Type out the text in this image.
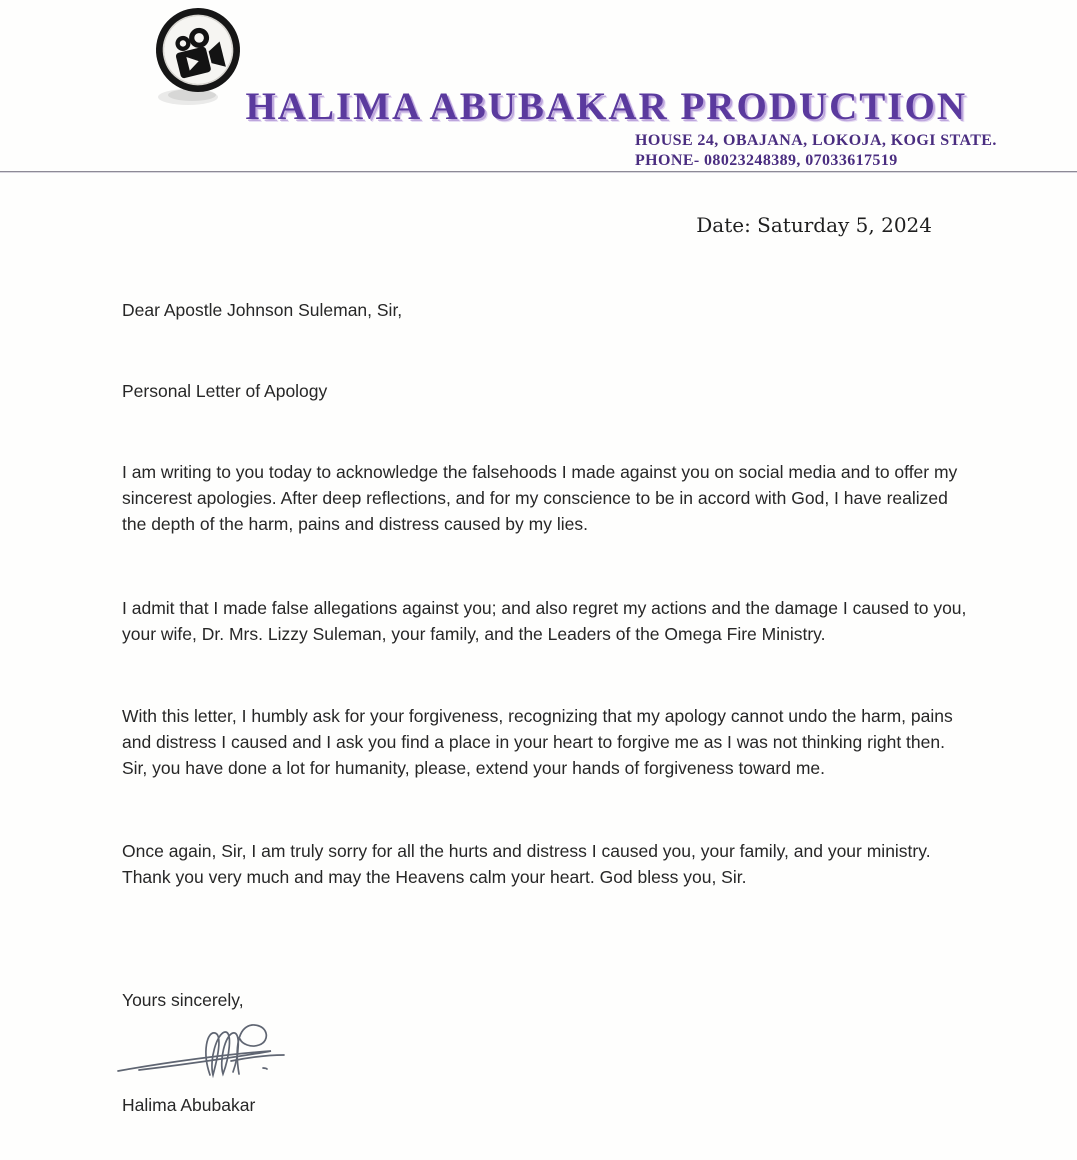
HALIMA ABUBAKAR PRODUCTION
HOUSE 24, OBAJANA, LOKOJA, KOGI STATE.
PHONE- 08023248389, 07033617519
Date: Saturday 5, 2024
Dear Apostle Johnson Suleman, Sir,
Personal Letter of Apology
I am writing to you today to acknowledge the falsehoods I made against you on social media and to offer my sincerest apologies. After deep reflections, and for my conscience to be in accord with God, I have realized the depth of the harm, pains and distress caused by my lies.
I admit that I made false allegations against you; and also regret my actions and the damage I caused to you, your wife, Dr. Mrs. Lizzy Suleman, your family, and the Leaders of the Omega Fire Ministry.
With this letter, I humbly ask for your forgiveness, recognizing that my apology cannot undo the harm, pains and distress I caused and I ask you find a place in your heart to forgive me as I was not thinking right then. Sir, you have done a lot for humanity, please, extend your hands of forgiveness toward me.
Once again, Sir, I am truly sorry for all the hurts and distress I caused you, your family, and your ministry. Thank you very much and may the Heavens calm your heart. God bless you, Sir.
Yours sincerely,
Halima Abubakar
